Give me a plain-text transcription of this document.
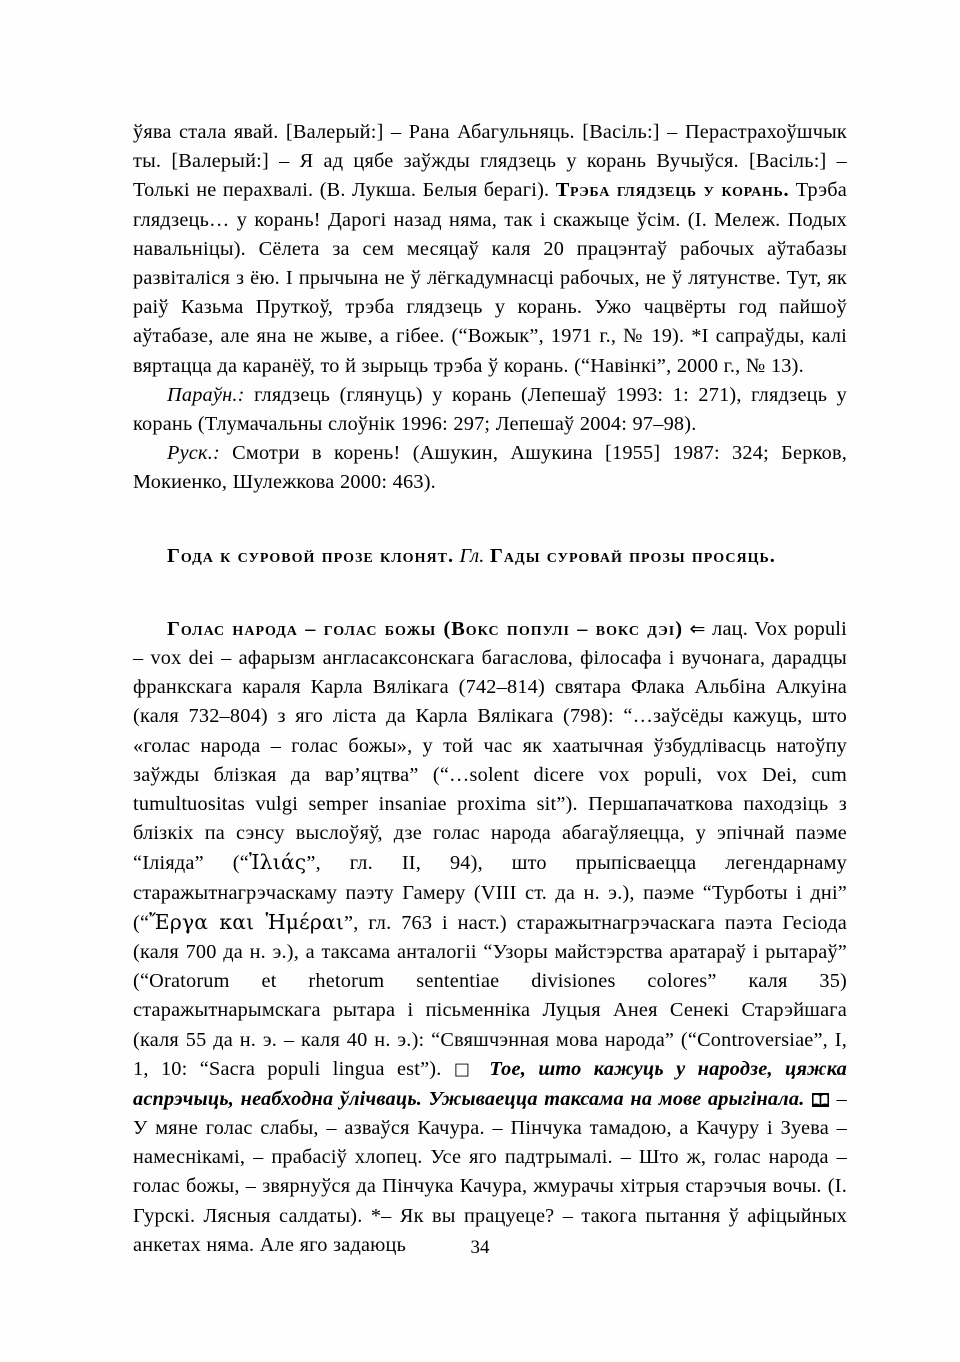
ўява стала явай. [Валерый:] – Рана Абагульняць. [Васіль:] – Перастрахоўшчык ты. [Валерый:] – Я ад цябе заўжды глядзець у корань Вучыўся. [Васіль:] – Толькі не перахвалі. (В. Лукша. Белыя берагі). Трэба глядзець у корань. Трэба глядзець… у корань! Дарогі назад няма, так і скажыце ўсім. (І. Мележ. Подых навальніцы). Сёлета за сем месяцаў каля 20 працэнтаў рабочых аўтабазы развіталіся з ёю. І прычына не ў лёгкадумнасці рабочых, не ў лятунстве. Тут, як раіў Казьма Пруткоў, трэба глядзець у корань. Ужо чацвёрты год пайшоў аўтабазе, але яна не жыве, а гібее. (“Вожык”, 1971 г., № 19). *І сапраўды, калі вяртацца да каранёў, то й зырыць трэба ў корань. (“Навінкі”, 2000 г., № 13).

Параўн.: глядзець (глянуць) у корань (Лепешаў 1993: 1: 271), глядзець у корань (Тлумачальны слоўнік 1996: 297; Лепешаў 2004: 97–98).

Руск.: Смотри в корень! (Ашукин, Ашукина [1955] 1987: 324; Берков, Мокиенко, Шулежкова 2000: 463).

Года к суровой прозе клонят. Гл. Гады суровай прозы просяць.

Голас народа – голас божы (Вокс популі – вокс дэі) ⇐ лац. Vox populi – vox dei – афарызм англасаксонскага багаслова, філосафа і вучонага, дарадцы франкскага караля Карла Вялікага (742–814) святара Флака Альбіна Алкуіна (каля 732–804) з яго ліста да Карла Вялікага (798): “…заўсёды кажуць, што «голас народа – голас божы», у той час як хаатычная ўзбудлівасць натоўпу заўжды блізкая да вар’яцтва” (“…solent dicere vox populi, vox Dei, cum tumultuositas vulgi semper insaniae proxima sit”). Першапачаткова паходзіць з блізкіх па сэнсу выслоўяў, дзе голас народа абагаўляецца, у эпічнай паэме “Іліяда” (“Ἰλιάς”, гл. II, 94), што прыпісваецца легендарнаму старажытнагрэчаскаму паэту Гамеру (VIII ст. да н. э.), паэме “Турботы і дні” (“Ἔργα και Ἡμέραι”, гл. 763 і наст.) старажытнагрэчаскага паэта Гесіода (каля 700 да н. э.), а таксама анталогіі “Узоры майстэрства аратараў і рытараў” (“Oratorum et rhetorum sententiae divisiones colores” каля 35) старажытнарымскага рытара і пісьменніка Луцыя Анея Сенекі Старэйшага (каля 55 да н. э. – каля 40 н. э.): “Свяшчэнная мова народа” (“Controversiae”, I, 1, 10: “Sacra populi lingua est”). □ Тое, што кажуць у народзе, цяжка аспрэчыць, неабходна ўлічваць. Ужываецца таксама на мове арыгінала.
– У мяне голас слабы, – азваўся Качура. – Пінчука тамадою, а Качуру і Зуева – намеснікамі, – прабасіў хлопец. Усе яго падтрымалі. – Што ж, голас народа – голас божы, – звярнуўся да Пінчука Качура, жмурачы хітрыя старэчыя вочы. (І. Гурскі. Лясныя салдаты). *– Як вы працуеце? – такога пытання ў афіцыйных анкетах няма. Але яго задаюць	34
